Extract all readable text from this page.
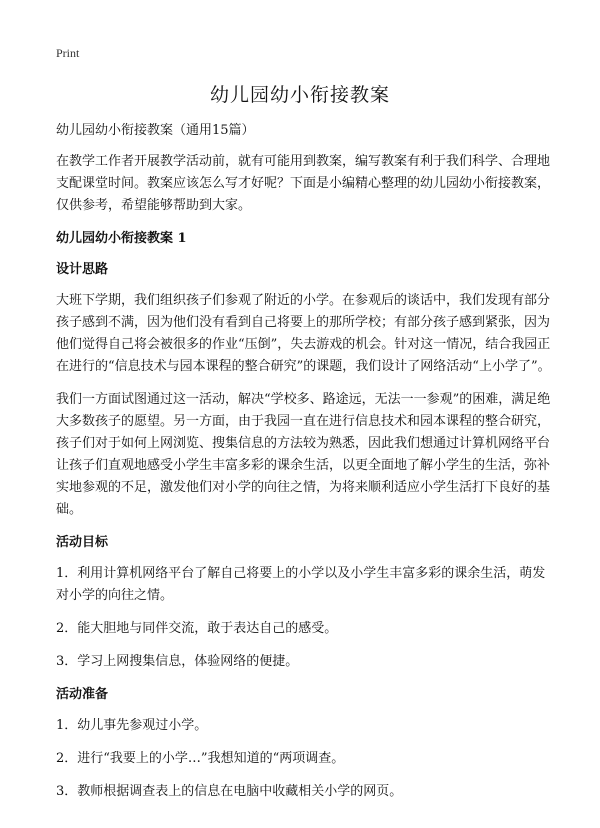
Print
幼儿园幼小衔接教案

幼儿园幼小衔接教案（通用15篇）

在教学工作者开展教学活动前，就有可能用到教案，编写教案有利于我们科学、合理地支配课堂时间。教案应该怎么写才好呢？下面是小编精心整理的幼儿园幼小衔接教案，仅供参考，希望能够帮助到大家。

幼儿园幼小衔接教案 1

设计思路

大班下学期，我们组织孩子们参观了附近的小学。在参观后的谈话中，我们发现有部分孩子感到不满，因为他们没有看到自己将要上的那所学校；有部分孩子感到紧张，因为他们觉得自己将会被很多的作业“压倒”，失去游戏的机会。针对这一情况，结合我园正在进行的“信息技术与园本课程的整合研究”的课题，我们设计了网络活动“上小学了”。

我们一方面试图通过这一活动，解决“学校多、路途远，无法一一参观”的困难，满足绝大多数孩子的愿望。另一方面，由于我园一直在进行信息技术和园本课程的整合研究，孩子们对于如何上网浏览、搜集信息的方法较为熟悉，因此我们想通过计算机网络平台让孩子们直观地感受小学生丰富多彩的课余生活，以更全面地了解小学生的生活，弥补实地参观的不足，激发他们对小学的向往之情，为将来顺利适应小学生活打下良好的基础。

活动目标

1．利用计算机网络平台了解自己将要上的小学以及小学生丰富多彩的课余生活，萌发对小学的向往之情。

2．能大胆地与同伴交流，敢于表达自己的感受。

3．学习上网搜集信息，体验网络的便捷。

活动准备

1．幼儿事先参观过小学。

2．进行“我要上的小学…”我想知道的“两项调查。

3．教师根据调查表上的信息在电脑中收藏相关小学的网页。
